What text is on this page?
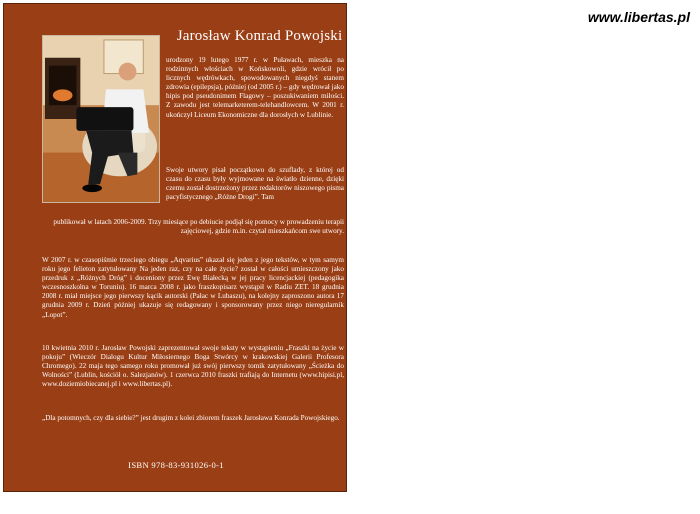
www.libertas.pl
Jarosław Konrad Powojski

urodzony 19 lutego 1977 r. w Puławach, mieszka na rodzinnych włościach w Końskowoli, gdzie wrócił po licznych wędrówkach, spowodowanych niegdyś stanem zdrowia (epilepsja), później (od 2005 r.) – gdy wędrował jako hipis pod pseudonimem Flagowy – poszukiwaniem miłości. Z zawodu jest telemarketerem-telehandlowcem. W 2001 r. ukończył Liceum Ekonomiczne dla dorosłych w Lublinie.

Swoje utwory pisał początkowo do szuflady, z której od czasu do czasu były wyjmowane na światło dzienne, dzięki czemu został dostrzeżony przez redaktorów niszowego pisma pacyfistycznego „Różne Drogi”. Tam

publikował w latach 2006-2009. Trzy miesiące po debiucie podjął się pomocy w prowadzeniu terapii zajęciowej, gdzie m.in. czytał mieszkańcom swe utwory.

W 2007 r. w czasopiśmie trzeciego obiegu „Aqvarius” ukazał się jeden z jego tekstów, w tym samym roku jego felieton zatytułowany Na jeden raz, czy na całe życie? został w całości umieszczony jako przedruk z „Różnych Dróg” i doceniony przez Ewę Białecką w jej pracy licencjackiej (pedagogika wczesnoszkolna w Toruniu). 16 marca 2008 r. jako fraszkopisarz wystąpił w Radiu ZET. 18 grudnia 2008 r. miał miejsce jego pierwszy kącik autorski (Pałac w Lubaszu), na kolejny zaproszono autora 17 grudnia 2009 r. Dzień później ukazuje się redagowany i sponsorowany przez niego nieregularnik „Lopot”.

10 kwietnia 2010 r. Jarosław Powojski zaprezentował swoje teksty w wystąpieniu „Fraszki na życie w pokoju” (Wieczór Dialogu Kultur Miłosiernego Boga Stwórcy w krakowskiej Galerii Profesora Chromego). 22 maja tego samego roku promował już swój pierwszy tomik zatytułowany „Ścieżka do Wolności” (Lublin, kościół o. Salezjanów). 1 czerwca 2010 fraszki trafiają do Internetu (www.hipisi.pl, www.doziemiobiecanej.pl i www.libertas.pl).

„Dla potomnych, czy dla siebie?” jest drugim z kolei zbiorem fraszek Jarosława Konrada Powojskiego.

ISBN 978-83-931026-0-1
